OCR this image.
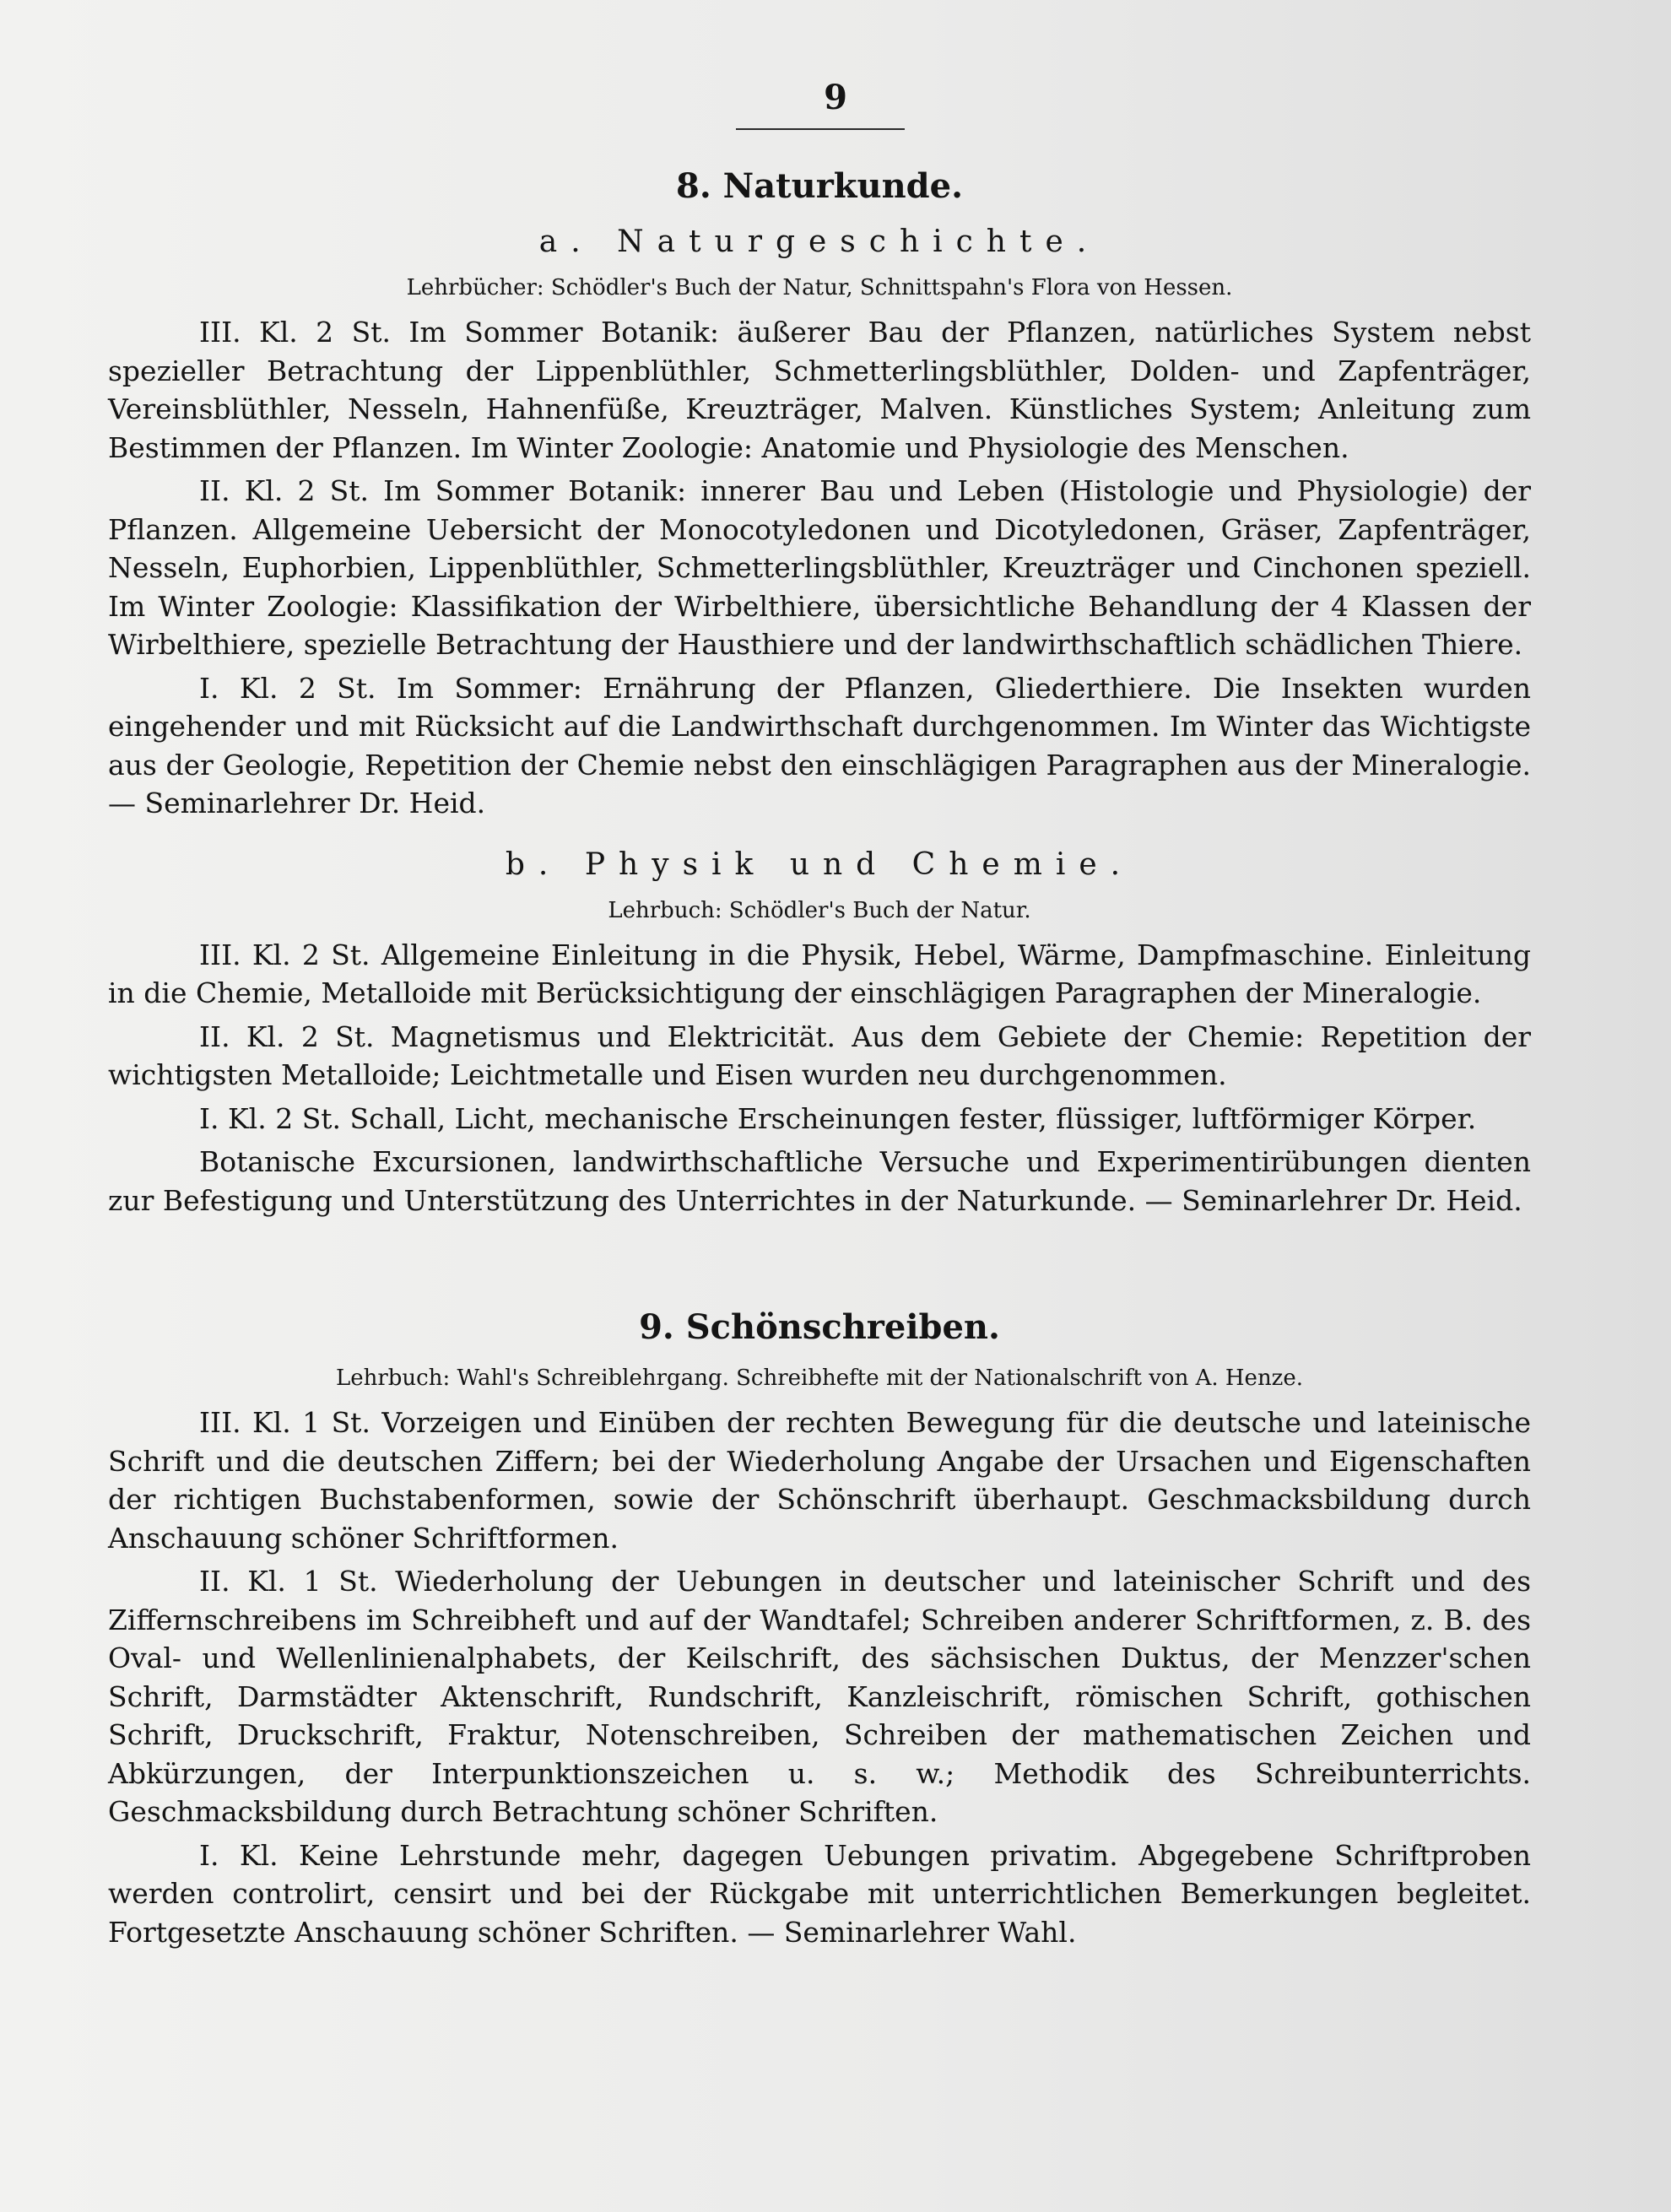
9
8. Naturkunde.
a. Naturgeschichte.
Lehrbücher: Schödler's Buch der Natur, Schnittspahn's Flora von Hessen.

III. Kl. 2 St. Im Sommer Botanik: äußerer Bau der Pflanzen, natürliches System nebst spezieller Betrachtung der Lippenblüthler, Schmetterlingsblüthler, Dolden- und Zapfenträger, Vereinsblüthler, Nesseln, Hahnenfüße, Kreuzträger, Malven. Künstliches System; Anleitung zum Bestimmen der Pflanzen. Im Winter Zoologie: Anatomie und Physiologie des Menschen.

II. Kl. 2 St. Im Sommer Botanik: innerer Bau und Leben (Histologie und Physiologie) der Pflanzen. Allgemeine Uebersicht der Monocotyledonen und Dicotyledonen, Gräser, Zapfenträger, Nesseln, Euphorbien, Lippenblüthler, Schmetterlingsblüthler, Kreuzträger und Cinchonen speziell. Im Winter Zoologie: Klassifikation der Wirbelthiere, übersichtliche Behandlung der 4 Klassen der Wirbelthiere, spezielle Betrachtung der Hausthiere und der landwirthschaftlich schädlichen Thiere.

I. Kl. 2 St. Im Sommer: Ernährung der Pflanzen, Gliederthiere. Die Insekten wurden eingehender und mit Rücksicht auf die Landwirthschaft durchgenommen. Im Winter das Wichtigste aus der Geologie, Repetition der Chemie nebst den einschlägigen Paragraphen aus der Mineralogie. — Seminarlehrer Dr. Heid.

b. Physik und Chemie.
Lehrbuch: Schödler's Buch der Natur.

III. Kl. 2 St. Allgemeine Einleitung in die Physik, Hebel, Wärme, Dampfmaschine. Einleitung in die Chemie, Metalloide mit Berücksichtigung der einschlägigen Paragraphen der Mineralogie.

II. Kl. 2 St. Magnetismus und Elektricität. Aus dem Gebiete der Chemie: Repetition der wichtigsten Metalloide; Leichtmetalle und Eisen wurden neu durchgenommen.

I. Kl. 2 St. Schall, Licht, mechanische Erscheinungen fester, flüssiger, luftförmiger Körper.

Botanische Excursionen, landwirthschaftliche Versuche und Experimentirübungen dienten zur Befestigung und Unterstützung des Unterrichtes in der Naturkunde. — Seminarlehrer Dr. Heid.

9. Schönschreiben.
Lehrbuch: Wahl's Schreiblehrgang. Schreibhefte mit der Nationalschrift von A. Henze.

III. Kl. 1 St. Vorzeigen und Einüben der rechten Bewegung für die deutsche und lateinische Schrift und die deutschen Ziffern; bei der Wiederholung Angabe der Ursachen und Eigenschaften der richtigen Buchstabenformen, sowie der Schönschrift überhaupt. Geschmacksbildung durch Anschauung schöner Schriftformen.

II. Kl. 1 St. Wiederholung der Uebungen in deutscher und lateinischer Schrift und des Ziffernschreibens im Schreibheft und auf der Wandtafel; Schreiben anderer Schriftformen, z. B. des Oval- und Wellenlinienalphabets, der Keilschrift, des sächsischen Duktus, der Menzzer'schen Schrift, Darmstädter Aktenschrift, Rundschrift, Kanzleischrift, römischen Schrift, gothischen Schrift, Druckschrift, Fraktur, Notenschreiben, Schreiben der mathematischen Zeichen und Abkürzungen, der Interpunktionszeichen u. s. w.; Methodik des Schreibunterrichts. Geschmacksbildung durch Betrachtung schöner Schriften.

I. Kl. Keine Lehrstunde mehr, dagegen Uebungen privatim. Abgegebene Schriftproben werden controlirt, censirt und bei der Rückgabe mit unterrichtlichen Bemerkungen begleitet. Fortgesetzte Anschauung schöner Schriften. — Seminarlehrer Wahl.
